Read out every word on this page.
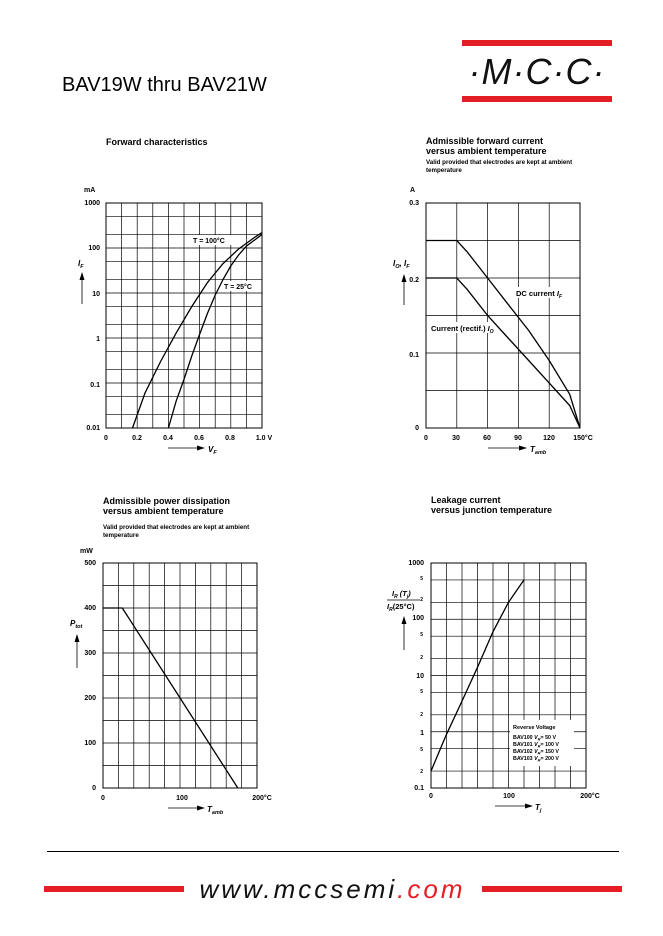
·M·C·C·
BAV19W thru BAV21W
Forward characteristics	Admissible forward current
versus ambient temperature
Valid provided that electrodes are kept at ambient
temperature
Admissible power dissipation
versus ambient temperature
Valid provided that electrodes are kept at ambient
temperature
Leakage current
versus junction temperature
mA
1000
100
10
1
0.1
0.01
0	0.2	0.4	0.6	0.8	1.0 V
$I_F$
$V_F$
T = 100°C
T = 25°C
A
0.3
0.2
0.1
0
0	30	60	90	120	150°C
$I_O$, $I_F$
$T_{amb}$
DC current $I_F$
Current (rectif.) $I_O$
mW
500
400
300
200
100
0
0	100	200°C
$P_{tot}$
$T_{amb}$
1000
100
10
1
0.1
5
2
5
2
5
2
5
2
0	100	200°C
$I_R$ $(T_j)$
$I_R(25^\circ C)$
$T_j$
Reverse Voltage
BAV100 $V_R= 50$ V
BAV101 $V_R= 100$ V
BAV102 $V_R= 150$ V
BAV103 $V_R= 200$ V
www.mccsemi.com
